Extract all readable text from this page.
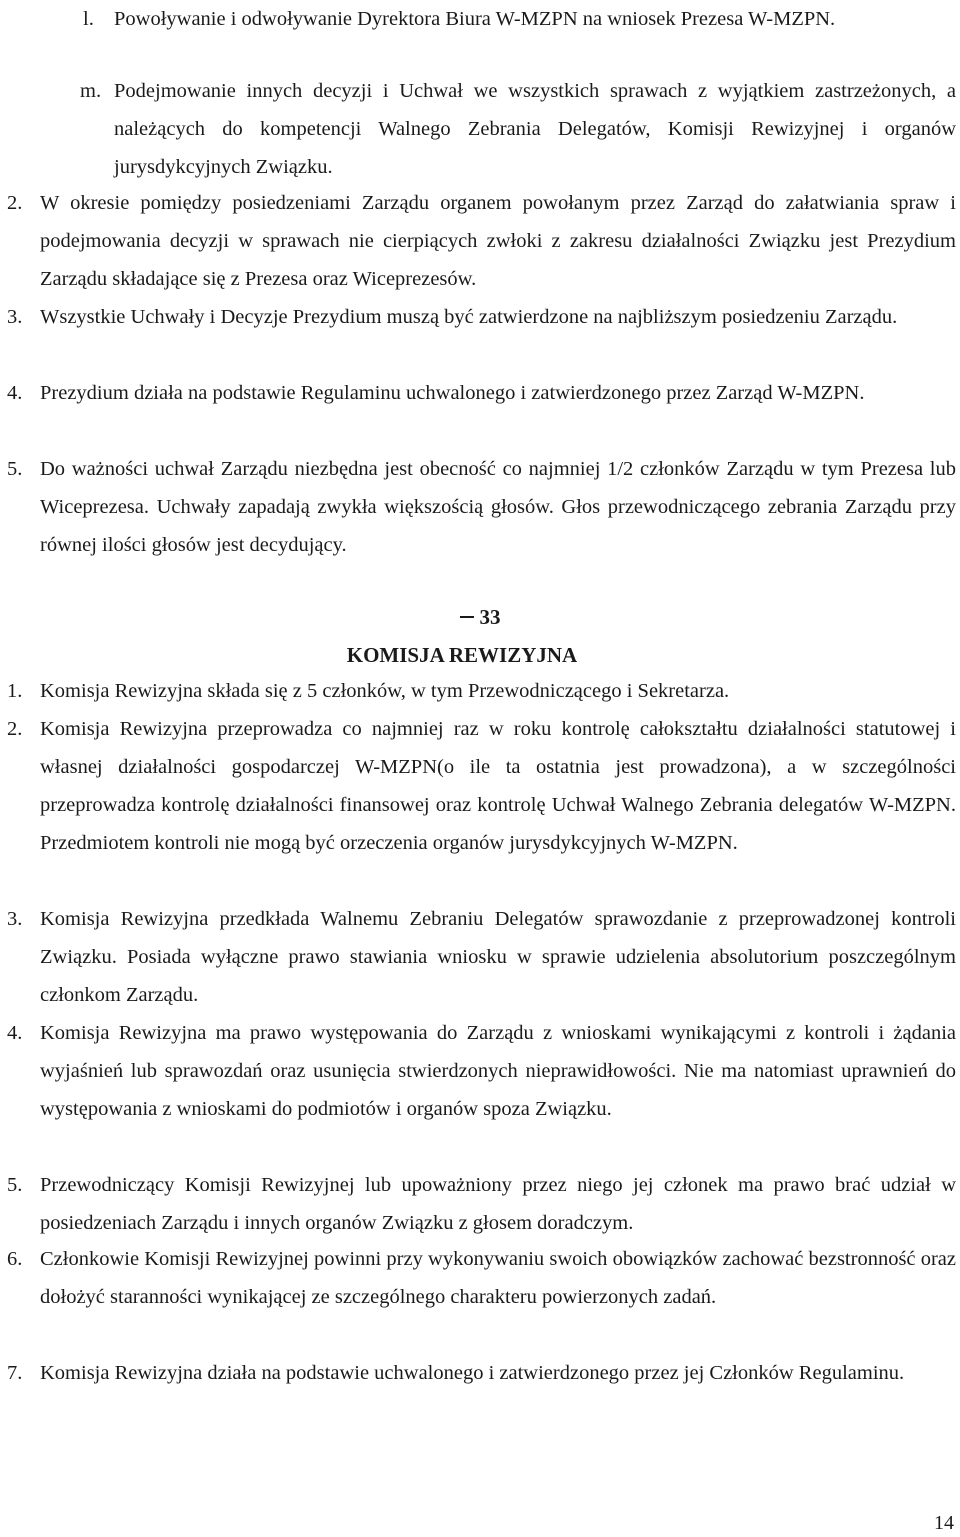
l. Powoływanie i odwoływanie Dyrektora Biura W-MZPN na wniosek Prezesa W-MZPN.
m. Podejmowanie innych decyzji i Uchwał we wszystkich sprawach z wyjątkiem zastrzeżonych, a należących do kompetencji Walnego Zebrania Delegatów, Komisji Rewizyjnej i organów jurysdykcyjnych Związku.
2. W okresie pomiędzy posiedzeniami Zarządu organem powołanym przez Zarząd do załatwiania spraw i podejmowania decyzji w sprawach nie cierpiących zwłoki z zakresu działalności Związku jest Prezydium Zarządu składające się z Prezesa oraz Wiceprezesów.
3. Wszystkie Uchwały i Decyzje Prezydium muszą być zatwierdzone na najbliższym posiedzeniu Zarządu.
4. Prezydium działa na podstawie Regulaminu uchwalonego i zatwierdzonego przez Zarząd W-MZPN.
5. Do ważności uchwał Zarządu niezbędna jest obecność co najmniej 1/2 członków Zarządu w tym Prezesa lub Wiceprezesa. Uchwały zapadają zwykła większością głosów. Głos przewodniczącego zebrania Zarządu przy równej ilości głosów jest decydujący.
33
KOMISJA REWIZYJNA
1. Komisja Rewizyjna składa się z 5 członków, w tym Przewodniczącego i Sekretarza.
2. Komisja Rewizyjna przeprowadza co najmniej raz w roku kontrolę całokształtu działalności statutowej i własnej działalności gospodarczej W-MZPN(o ile ta ostatnia jest prowadzona), a w szczególności przeprowadza kontrolę działalności finansowej oraz kontrolę Uchwał Walnego Zebrania delegatów W-MZPN. Przedmiotem kontroli nie mogą być orzeczenia organów jurysdykcyjnych W-MZPN.
3. Komisja Rewizyjna przedkłada Walnemu Zebraniu Delegatów sprawozdanie z przeprowadzonej kontroli Związku. Posiada wyłączne prawo stawiania wniosku w sprawie udzielenia absolutorium poszczególnym członkom Zarządu.
4. Komisja Rewizyjna ma prawo występowania do Zarządu z wnioskami wynikającymi z kontroli i żądania wyjaśnień lub sprawozdań oraz usunięcia stwierdzonych nieprawidłowości. Nie ma natomiast uprawnień do występowania z wnioskami do podmiotów i organów spoza Związku.
5. Przewodniczący Komisji Rewizyjnej lub upoważniony przez niego jej członek ma prawo brać udział w posiedzeniach Zarządu i innych organów Związku z głosem doradczym.
6. Członkowie Komisji Rewizyjnej powinni przy wykonywaniu swoich obowiązków zachować bezstronność oraz dołożyć staranności wynikającej ze szczególnego charakteru powierzonych zadań.
7. Komisja Rewizyjna działa na podstawie uchwalonego i zatwierdzonego przez jej Członków Regulaminu.
14
